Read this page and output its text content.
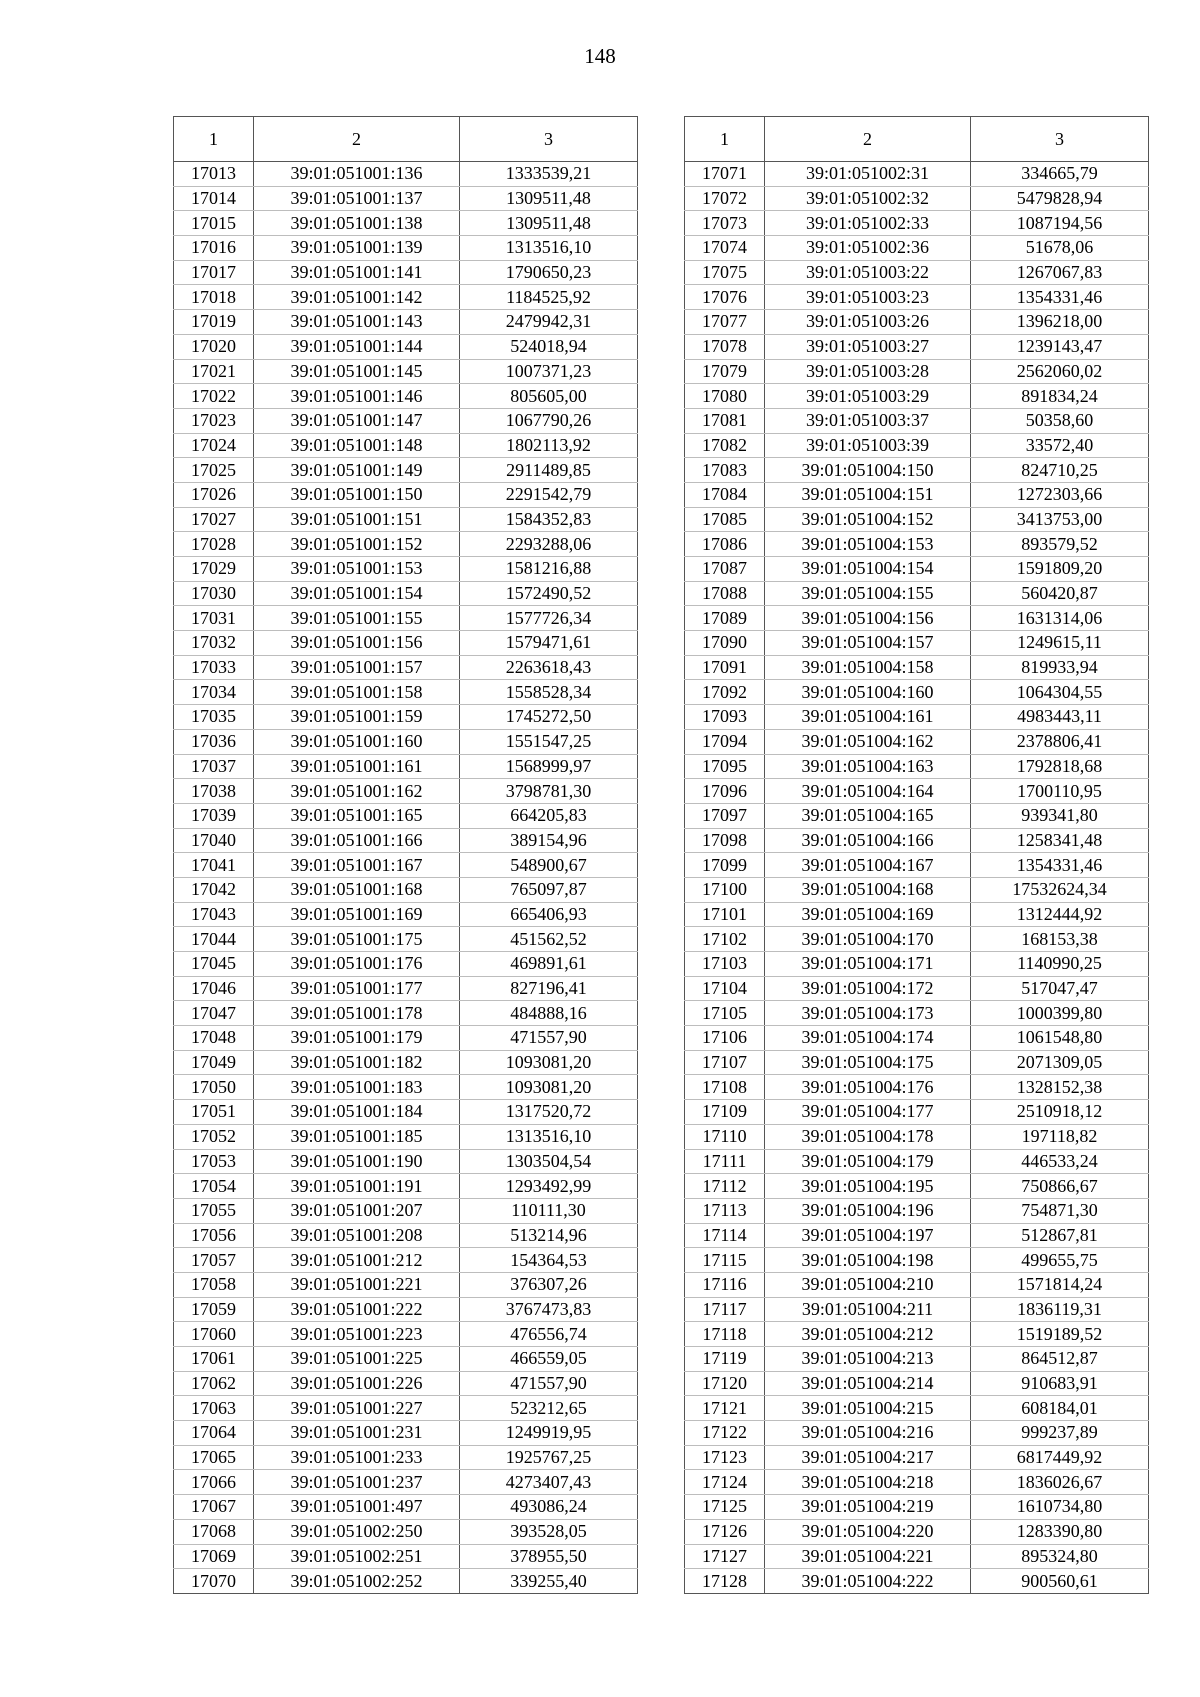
148
1	2	3
17013	39:01:051001:136	1333539,21
17014	39:01:051001:137	1309511,48
17015	39:01:051001:138	1309511,48
17016	39:01:051001:139	1313516,10
17017	39:01:051001:141	1790650,23
17018	39:01:051001:142	1184525,92
17019	39:01:051001:143	2479942,31
17020	39:01:051001:144	524018,94
17021	39:01:051001:145	1007371,23
17022	39:01:051001:146	805605,00
17023	39:01:051001:147	1067790,26
17024	39:01:051001:148	1802113,92
17025	39:01:051001:149	2911489,85
17026	39:01:051001:150	2291542,79
17027	39:01:051001:151	1584352,83
17028	39:01:051001:152	2293288,06
17029	39:01:051001:153	1581216,88
17030	39:01:051001:154	1572490,52
17031	39:01:051001:155	1577726,34
17032	39:01:051001:156	1579471,61
17033	39:01:051001:157	2263618,43
17034	39:01:051001:158	1558528,34
17035	39:01:051001:159	1745272,50
17036	39:01:051001:160	1551547,25
17037	39:01:051001:161	1568999,97
17038	39:01:051001:162	3798781,30
17039	39:01:051001:165	664205,83
17040	39:01:051001:166	389154,96
17041	39:01:051001:167	548900,67
17042	39:01:051001:168	765097,87
17043	39:01:051001:169	665406,93
17044	39:01:051001:175	451562,52
17045	39:01:051001:176	469891,61
17046	39:01:051001:177	827196,41
17047	39:01:051001:178	484888,16
17048	39:01:051001:179	471557,90
17049	39:01:051001:182	1093081,20
17050	39:01:051001:183	1093081,20
17051	39:01:051001:184	1317520,72
17052	39:01:051001:185	1313516,10
17053	39:01:051001:190	1303504,54
17054	39:01:051001:191	1293492,99
17055	39:01:051001:207	110111,30
17056	39:01:051001:208	513214,96
17057	39:01:051001:212	154364,53
17058	39:01:051001:221	376307,26
17059	39:01:051001:222	3767473,83
17060	39:01:051001:223	476556,74
17061	39:01:051001:225	466559,05
17062	39:01:051001:226	471557,90
17063	39:01:051001:227	523212,65
17064	39:01:051001:231	1249919,95
17065	39:01:051001:233	1925767,25
17066	39:01:051001:237	4273407,43
17067	39:01:051001:497	493086,24
17068	39:01:051002:250	393528,05
17069	39:01:051002:251	378955,50
17070	39:01:051002:252	339255,40
1	2	3
17071	39:01:051002:31	334665,79
17072	39:01:051002:32	5479828,94
17073	39:01:051002:33	1087194,56
17074	39:01:051002:36	51678,06
17075	39:01:051003:22	1267067,83
17076	39:01:051003:23	1354331,46
17077	39:01:051003:26	1396218,00
17078	39:01:051003:27	1239143,47
17079	39:01:051003:28	2562060,02
17080	39:01:051003:29	891834,24
17081	39:01:051003:37	50358,60
17082	39:01:051003:39	33572,40
17083	39:01:051004:150	824710,25
17084	39:01:051004:151	1272303,66
17085	39:01:051004:152	3413753,00
17086	39:01:051004:153	893579,52
17087	39:01:051004:154	1591809,20
17088	39:01:051004:155	560420,87
17089	39:01:051004:156	1631314,06
17090	39:01:051004:157	1249615,11
17091	39:01:051004:158	819933,94
17092	39:01:051004:160	1064304,55
17093	39:01:051004:161	4983443,11
17094	39:01:051004:162	2378806,41
17095	39:01:051004:163	1792818,68
17096	39:01:051004:164	1700110,95
17097	39:01:051004:165	939341,80
17098	39:01:051004:166	1258341,48
17099	39:01:051004:167	1354331,46
17100	39:01:051004:168	17532624,34
17101	39:01:051004:169	1312444,92
17102	39:01:051004:170	168153,38
17103	39:01:051004:171	1140990,25
17104	39:01:051004:172	517047,47
17105	39:01:051004:173	1000399,80
17106	39:01:051004:174	1061548,80
17107	39:01:051004:175	2071309,05
17108	39:01:051004:176	1328152,38
17109	39:01:051004:177	2510918,12
17110	39:01:051004:178	197118,82
17111	39:01:051004:179	446533,24
17112	39:01:051004:195	750866,67
17113	39:01:051004:196	754871,30
17114	39:01:051004:197	512867,81
17115	39:01:051004:198	499655,75
17116	39:01:051004:210	1571814,24
17117	39:01:051004:211	1836119,31
17118	39:01:051004:212	1519189,52
17119	39:01:051004:213	864512,87
17120	39:01:051004:214	910683,91
17121	39:01:051004:215	608184,01
17122	39:01:051004:216	999237,89
17123	39:01:051004:217	6817449,92
17124	39:01:051004:218	1836026,67
17125	39:01:051004:219	1610734,80
17126	39:01:051004:220	1283390,80
17127	39:01:051004:221	895324,80
17128	39:01:051004:222	900560,61
